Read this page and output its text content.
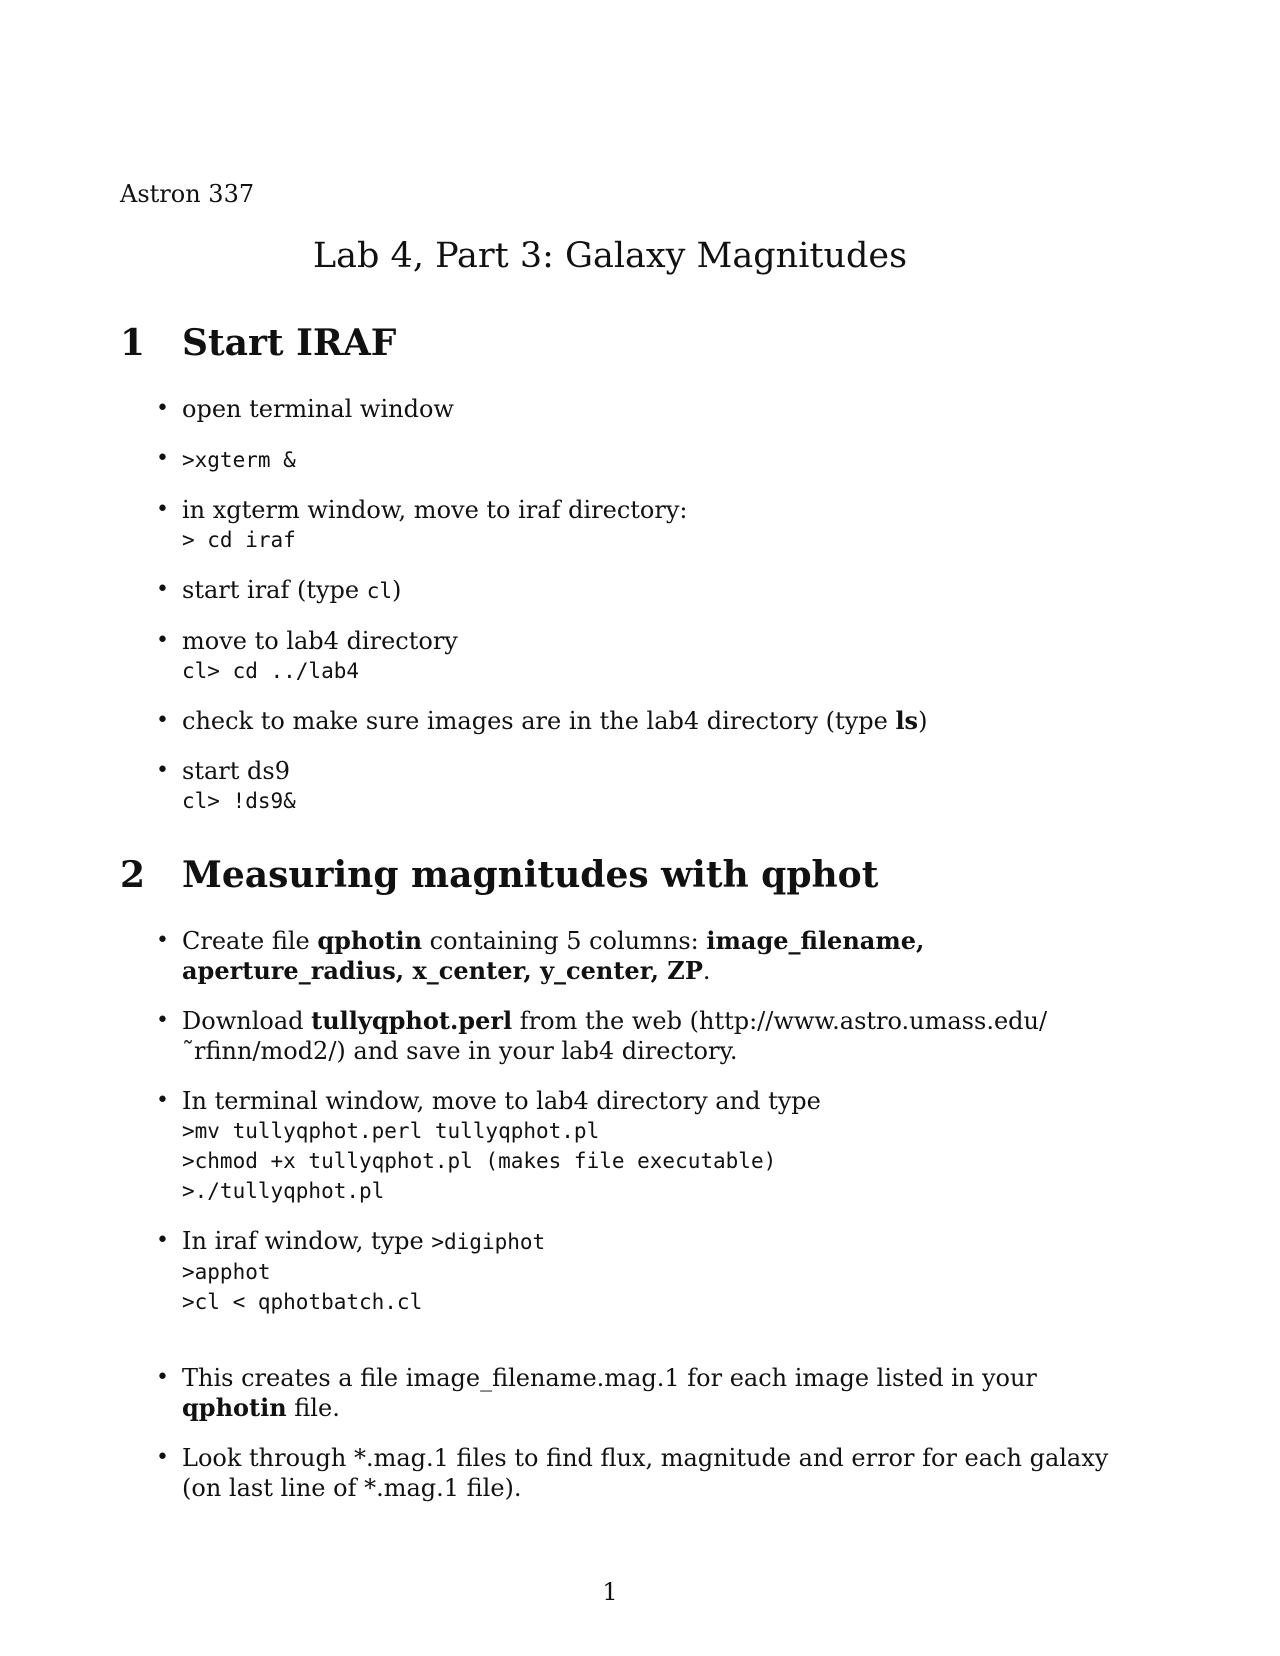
Astron 337
Lab 4, Part 3: Galaxy Magnitudes
1	Start IRAF
• open terminal window
• >xgterm &
• in xgterm window, move to iraf directory:
> cd iraf
• start iraf (type cl)
• move to lab4 directory
cl> cd ../lab4
• check to make sure images are in the lab4 directory (type ls)
• start ds9
cl> !ds9&
2	Measuring magnitudes with qphot
• Create file qphotin containing 5 columns: image_filename, aperture_radius, x_center, y_center, ZP.
• Download tullyqphot.perl from the web (http://www.astro.umass.edu/˜rfinn/mod2/) and save in your lab4 directory.
• In terminal window, move to lab4 directory and type
>mv tullyqphot.perl tullyqphot.pl
>chmod +x tullyqphot.pl (makes file executable)
>./tullyqphot.pl
• In iraf window, type >digiphot
>apphot
>cl < qphotbatch.cl
• This creates a file image_filename.mag.1 for each image listed in your qphotin file.
• Look through *.mag.1 files to find flux, magnitude and error for each galaxy (on last line of *.mag.1 file).
1
